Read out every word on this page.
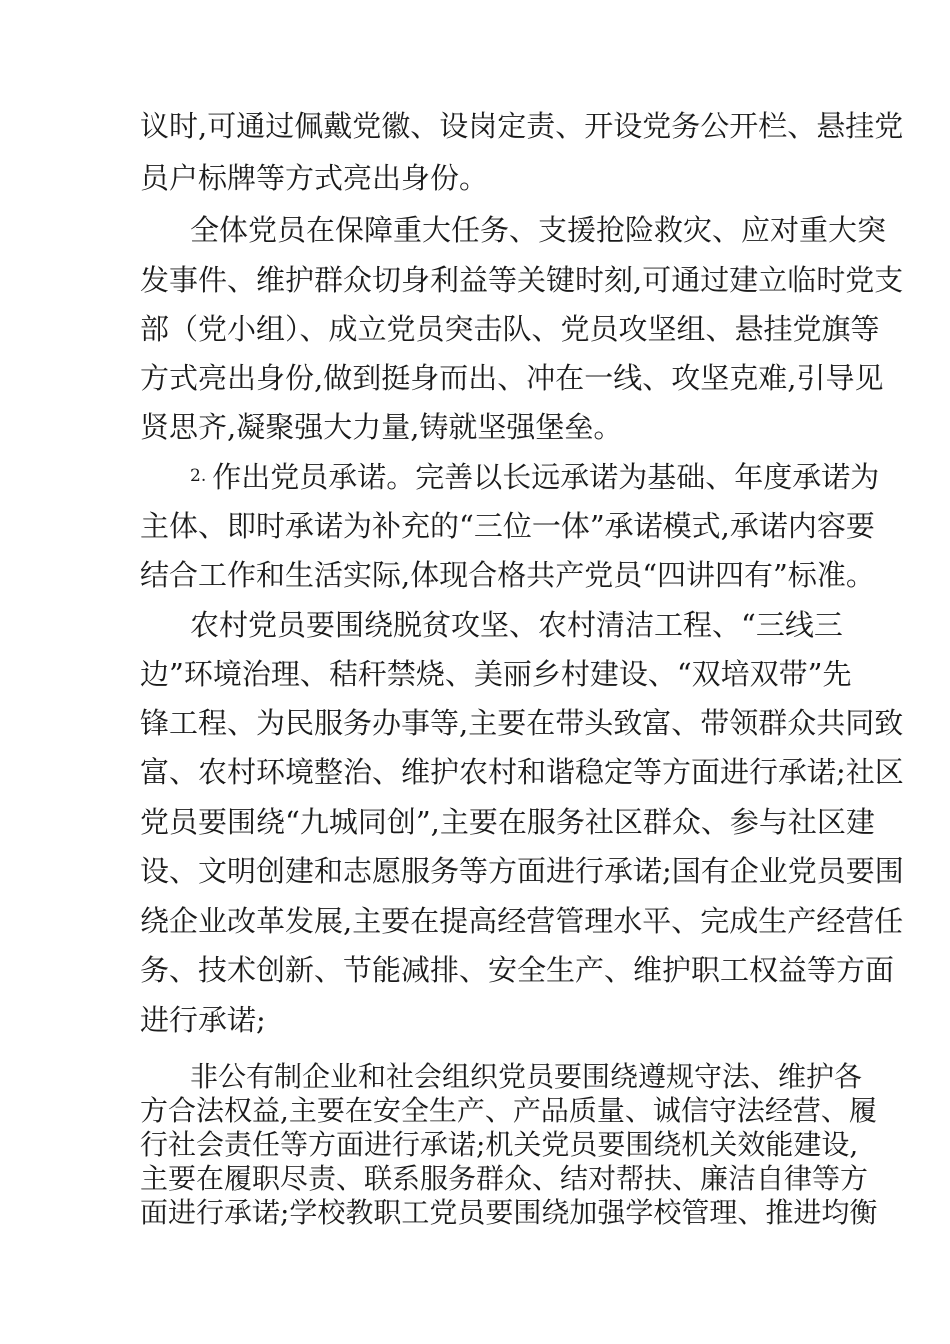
议时,可通过佩戴党徽、设岗定责、开设党务公开栏、悬挂党
员户标牌等方式亮出身份。
全体党员在保障重大任务、支援抢险救灾、应对重大突
发事件、维护群众切身利益等关键时刻,可通过建立临时党支
部（党小组）、成立党员突击队、党员攻坚组、悬挂党旗等
方式亮出身份,做到挺身而出、冲在一线、攻坚克难,引导见
贤思齐,凝聚强大力量,铸就坚强堡垒。
$^{2.}$ 作出党员承诺。完善以长远承诺为基础、年度承诺为
主体、即时承诺为补充的“三位一体”承诺模式,承诺内容要
结合工作和生活实际,体现合格共产党员“四讲四有”标准。
农村党员要围绕脱贫攻坚、农村清洁工程、“三线三
边”环境治理、秸秆禁烧、美丽乡村建设、“双培双带”先
锋工程、为民服务办事等,主要在带头致富、带领群众共同致
富、农村环境整治、维护农村和谐稳定等方面进行承诺;社区
党员要围绕“九城同创”,主要在服务社区群众、参与社区建
设、文明创建和志愿服务等方面进行承诺;国有企业党员要围
绕企业改革发展,主要在提高经营管理水平、完成生产经营任
务、技术创新、节能减排、安全生产、维护职工权益等方面
进行承诺;
非公有制企业和社会组织党员要围绕遵规守法、维护各
方合法权益,主要在安全生产、产品质量、诚信守法经营、履
行社会责任等方面进行承诺;机关党员要围绕机关效能建设,
主要在履职尽责、联系服务群众、结对帮扶、廉洁自律等方
面进行承诺;学校教职工党员要围绕加强学校管理、推进均衡
